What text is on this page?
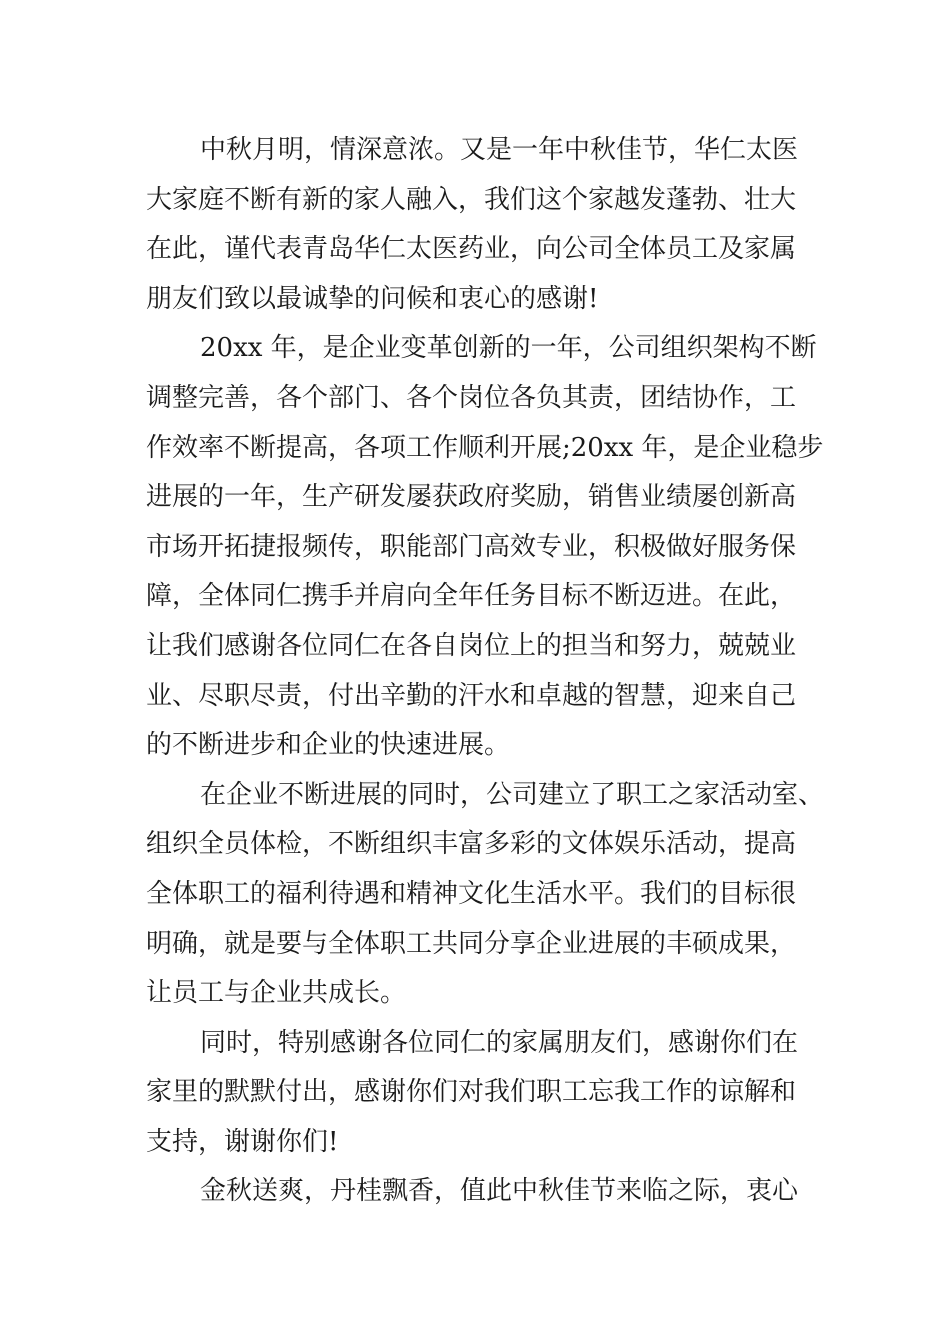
中秋月明，情深意浓。又是一年中秋佳节，华仁太医
大家庭不断有新的家人融入，我们这个家越发蓬勃、壮大
在此，谨代表青岛华仁太医药业，向公司全体员工及家属
朋友们致以最诚挚的问候和衷心的感谢!
20xx 年，是企业变革创新的一年，公司组织架构不断
调整完善，各个部门、各个岗位各负其责，团结协作，工
作效率不断提高，各项工作顺利开展;20xx 年，是企业稳步
进展的一年，生产研发屡获政府奖励，销售业绩屡创新高
市场开拓捷报频传，职能部门高效专业，积极做好服务保
障，全体同仁携手并肩向全年任务目标不断迈进。在此，
让我们感谢各位同仁在各自岗位上的担当和努力，兢兢业
业、尽职尽责，付出辛勤的汗水和卓越的智慧，迎来自己
的不断进步和企业的快速进展。
在企业不断进展的同时，公司建立了职工之家活动室、
组织全员体检，不断组织丰富多彩的文体娱乐活动，提高
全体职工的福利待遇和精神文化生活水平。我们的目标很
明确，就是要与全体职工共同分享企业进展的丰硕成果，
让员工与企业共成长。
同时，特别感谢各位同仁的家属朋友们，感谢你们在
家里的默默付出，感谢你们对我们职工忘我工作的谅解和
支持，谢谢你们!
金秋送爽，丹桂飘香，值此中秋佳节来临之际，衷心
